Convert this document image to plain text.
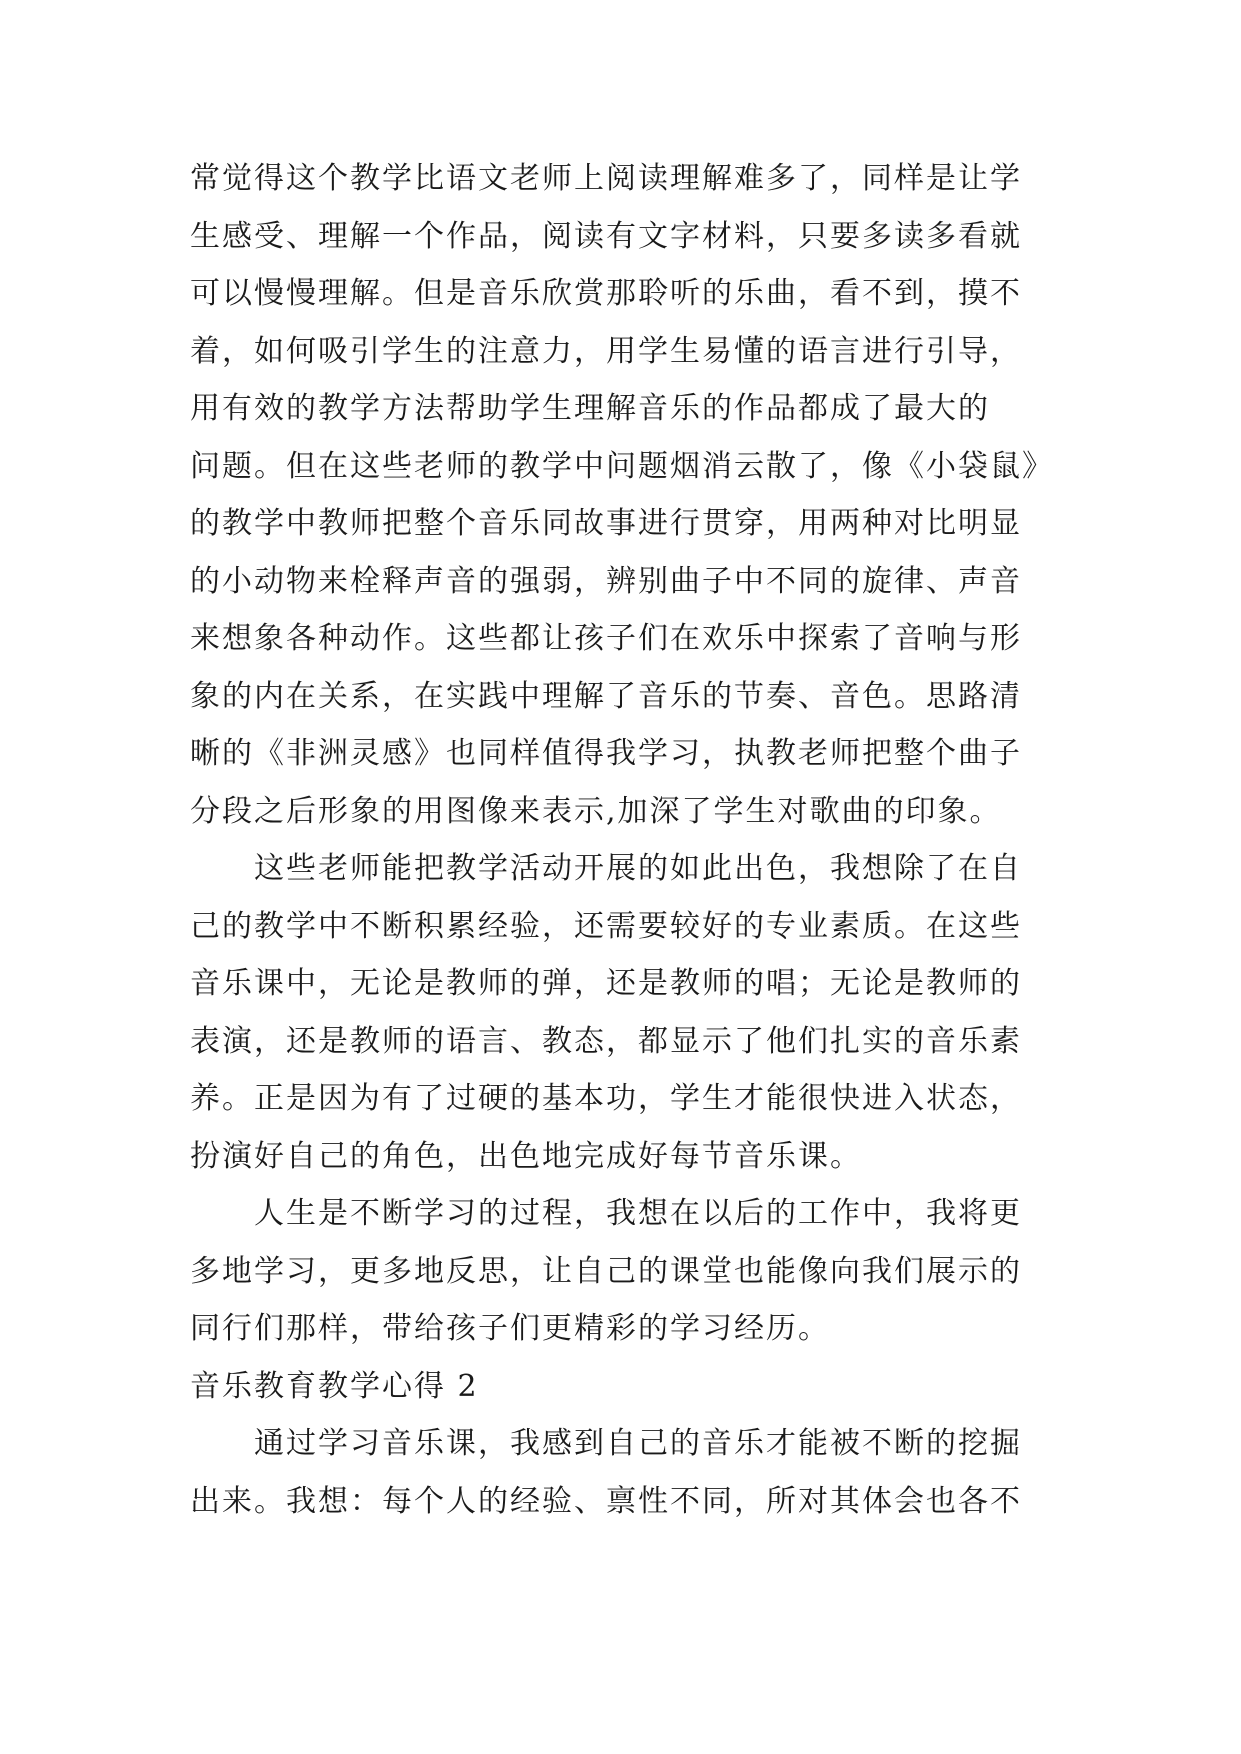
常觉得这个教学比语文老师上阅读理解难多了，同样是让学
生感受、理解一个作品，阅读有文字材料，只要多读多看就
可以慢慢理解。但是音乐欣赏那聆听的乐曲，看不到，摸不
着，如何吸引学生的注意力，用学生易懂的语言进行引导，
用有效的教学方法帮助学生理解音乐的作品都成了最大的
问题。但在这些老师的教学中问题烟消云散了，像《小袋鼠》
的教学中教师把整个音乐同故事进行贯穿，用两种对比明显
的小动物来栓释声音的强弱，辨别曲子中不同的旋律、声音
来想象各种动作。这些都让孩子们在欢乐中探索了音响与形
象的内在关系，在实践中理解了音乐的节奏、音色。思路清
晰的《非洲灵感》也同样值得我学习，执教老师把整个曲子
分段之后形象的用图像来表示,加深了学生对歌曲的印象。
这些老师能把教学活动开展的如此出色，我想除了在自
己的教学中不断积累经验，还需要较好的专业素质。在这些
音乐课中，无论是教师的弹，还是教师的唱；无论是教师的
表演，还是教师的语言、教态，都显示了他们扎实的音乐素
养。正是因为有了过硬的基本功，学生才能很快进入状态，
扮演好自己的角色，出色地完成好每节音乐课。
人生是不断学习的过程，我想在以后的工作中，我将更
多地学习，更多地反思，让自己的课堂也能像向我们展示的
同行们那样，带给孩子们更精彩的学习经历。
音乐教育教学心得 2
通过学习音乐课，我感到自己的音乐才能被不断的挖掘
出来。我想：每个人的经验、禀性不同，所对其体会也各不
